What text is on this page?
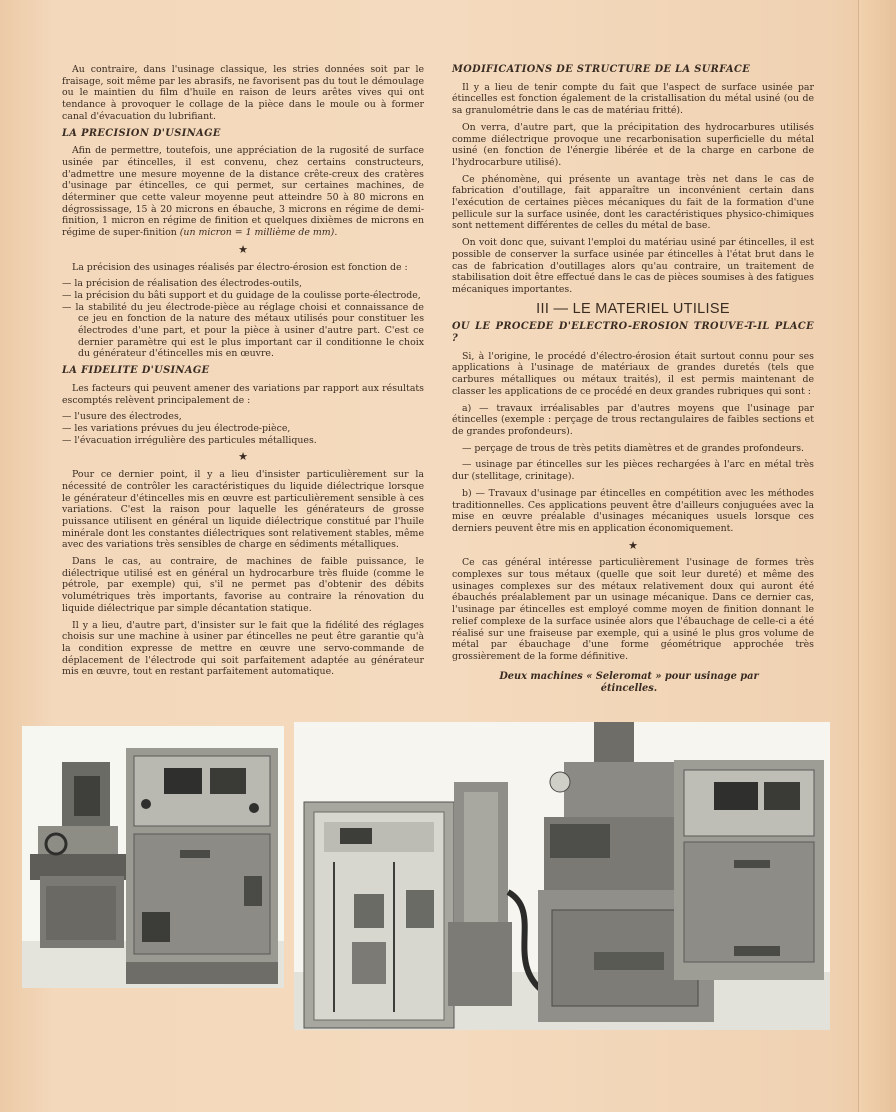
Au contraire, dans l'usinage classique, les stries données soit par le fraisage, soit même par les abrasifs, ne favorisent pas du tout le démoulage ou le maintien du film d'huile en raison de leurs arêtes vives qui ont tendance à provoquer le collage de la pièce dans le moule ou à former canal d'évacuation du lubrifiant.

LA PRECISION D'USINAGE

Afin de permettre, toutefois, une appréciation de la rugosité de surface usinée par étincelles, il est convenu, chez certains constructeurs, d'admettre une mesure moyenne de la distance crête-creux des cratères d'usinage par étincelles, ce qui permet, sur certaines machines, de déterminer que cette valeur moyenne peut atteindre 50 à 80 microns en dégrossissage, 15 à 20 microns en ébauche, 3 microns en régime de demi-finition, 1 micron en régime de finition et quelques dixièmes de microns en régime de super-finition (un micron = 1 millième de mm).

★

La précision des usinages réalisés par électro-érosion est fonction de :

— la précision de réalisation des électrodes-outils,
— la précision du bâti support et du guidage de la coulisse porte-électrode,
— la stabilité du jeu électrode-pièce au réglage choisi et connaissance de ce jeu en fonction de la nature des métaux utilisés pour constituer les électrodes d'une part, et pour la pièce à usiner d'autre part. C'est ce dernier paramètre qui est le plus important car il conditionne le choix du générateur d'étincelles mis en œuvre.
LA FIDELITE D'USINAGE

Les facteurs qui peuvent amener des variations par rapport aux résultats escomptés relèvent principalement de :

— l'usure des électrodes,
— les variations prévues du jeu électrode-pièce,
— l'évacuation irrégulière des particules métalliques.
★

Pour ce dernier point, il y a lieu d'insister particulièrement sur la nécessité de contrôler les caractéristiques du liquide diélectrique lorsque le générateur d'étincelles mis en œuvre est particulièrement sensible à ces variations. C'est la raison pour laquelle les générateurs de grosse puissance utilisent en général un liquide diélectrique constitué par l'huile minérale dont les constantes diélectriques sont relativement stables, même avec des variations très sensibles de charge en sédiments métalliques.

Dans le cas, au contraire, de machines de faible puissance, le diélectrique utilisé est en général un hydrocarbure très fluide (comme le pétrole, par exemple) qui, s'il ne permet pas d'obtenir des débits volumétriques très importants, favorise au contraire la rénovation du liquide diélectrique par simple décantation statique.

Il y a lieu, d'autre part, d'insister sur le fait que la fidélité des réglages choisis sur une machine à usiner par étincelles ne peut être garantie qu'à la condition expresse de mettre en œuvre une servo-commande de déplacement de l'électrode qui soit parfaitement adaptée au générateur mis en œuvre, tout en restant parfaitement automatique.

MODIFICATIONS DE STRUCTURE DE LA SURFACE

Il y a lieu de tenir compte du fait que l'aspect de surface usinée par étincelles est fonction également de la cristallisation du métal usiné (ou de sa granulométrie dans le cas de matériau fritté).

On verra, d'autre part, que la précipitation des hydrocarbures utilisés comme diélectrique provoque une recarbonisation superficielle du métal usiné (en fonction de l'énergie libérée et de la charge en carbone de l'hydrocarbure utilisé).

Ce phénomène, qui présente un avantage très net dans le cas de fabrication d'outillage, fait apparaître un inconvénient certain dans l'exécution de certaines pièces mécaniques du fait de la formation d'une pellicule sur la surface usinée, dont les caractéristiques physico-chimiques sont nettement différentes de celles du métal de base.

On voit donc que, suivant l'emploi du matériau usiné par étincelles, il est possible de conserver la surface usinée par étincelles à l'état brut dans le cas de fabrication d'outillages alors qu'au contraire, un traitement de stabilisation doit être effectué dans le cas de pièces soumises à des fatigues mécaniques importantes.

III — LE MATERIEL UTILISE
OU LE PROCEDE D'ELECTRO-EROSION TROUVE-T-IL PLACE ?

Si, à l'origine, le procédé d'électro-érosion était surtout connu pour ses applications à l'usinage de matériaux de grandes duretés (tels que carbures métalliques ou métaux traités), il est permis maintenant de classer les applications de ce procédé en deux grandes rubriques qui sont :

a) — travaux irréalisables par d'autres moyens que l'usinage par étincelles (exemple : perçage de trous rectangulaires de faibles sections et de grandes profondeurs).

— perçage de trous de très petits diamètres et de grandes profondeurs.

— usinage par étincelles sur les pièces rechargées à l'arc en métal très dur (stellitage, crinitage).

b) — Travaux d'usinage par étincelles en compétition avec les méthodes traditionnelles. Ces applications peuvent être d'ailleurs conjuguées avec la mise en œuvre préalable d'usinages mécaniques usuels lorsque ces derniers peuvent être mis en application économiquement.

★

Ce cas général intéresse particulièrement l'usinage de formes très complexes sur tous métaux (quelle que soit leur dureté) et même des usinages complexes sur des métaux relativement doux qui auront été ébauchés préalablement par un usinage mécanique. Dans ce dernier cas, l'usinage par étincelles est employé comme moyen de finition donnant le relief complexe de la surface usinée alors que l'ébauchage de celle-ci a été réalisé sur une fraiseuse par exemple, qui a usiné le plus gros volume de métal par ébauchage d'une forme géométrique approchée très grossièrement de la forme définitive.

Deux machines « Seleromat » pour usinage par étincelles.
